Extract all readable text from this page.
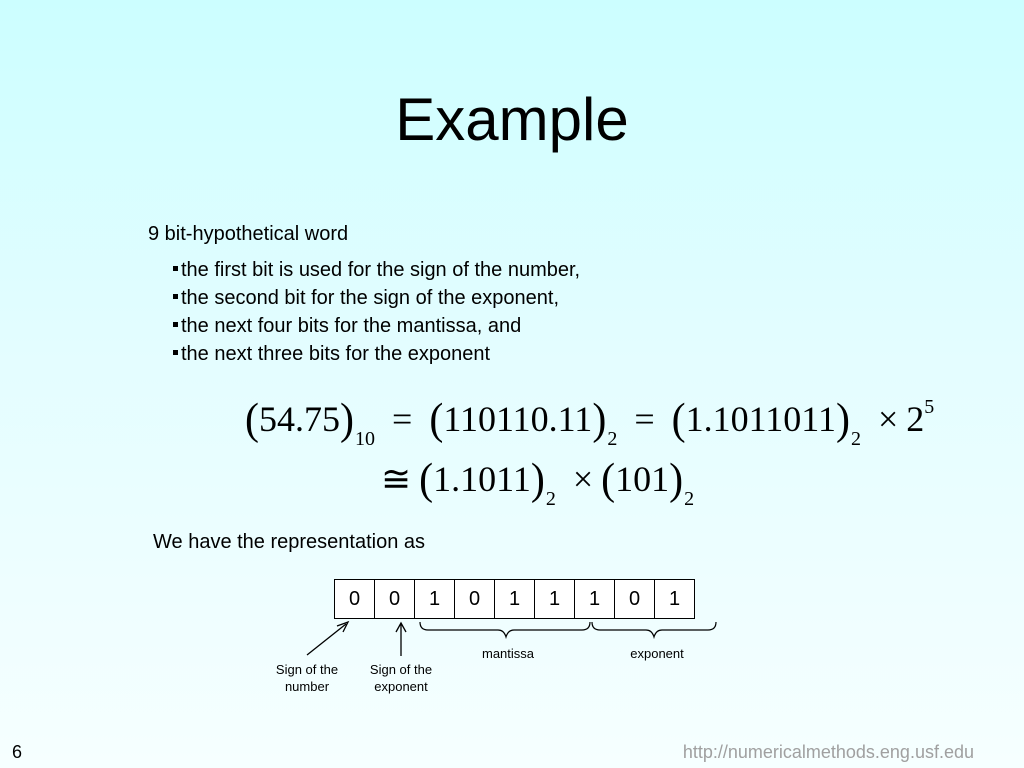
Example
9 bit-hypothetical word
the first bit is used for the sign of the number,
the second bit for the sign of the exponent,
the next four bits for the mantissa, and
the next three bits for the exponent
$(54.75)_{10} = (110110.11)_2 = (1.1011011)_2 \times 2^5$
≅ $(1.1011)_2 \times (101)_2$
We have the representation as
0	0	1	0	1	1	1	0	1
Sign of the number
Sign of the exponent
mantissa	exponent
6	http://numericalmethods.eng.usf.edu
